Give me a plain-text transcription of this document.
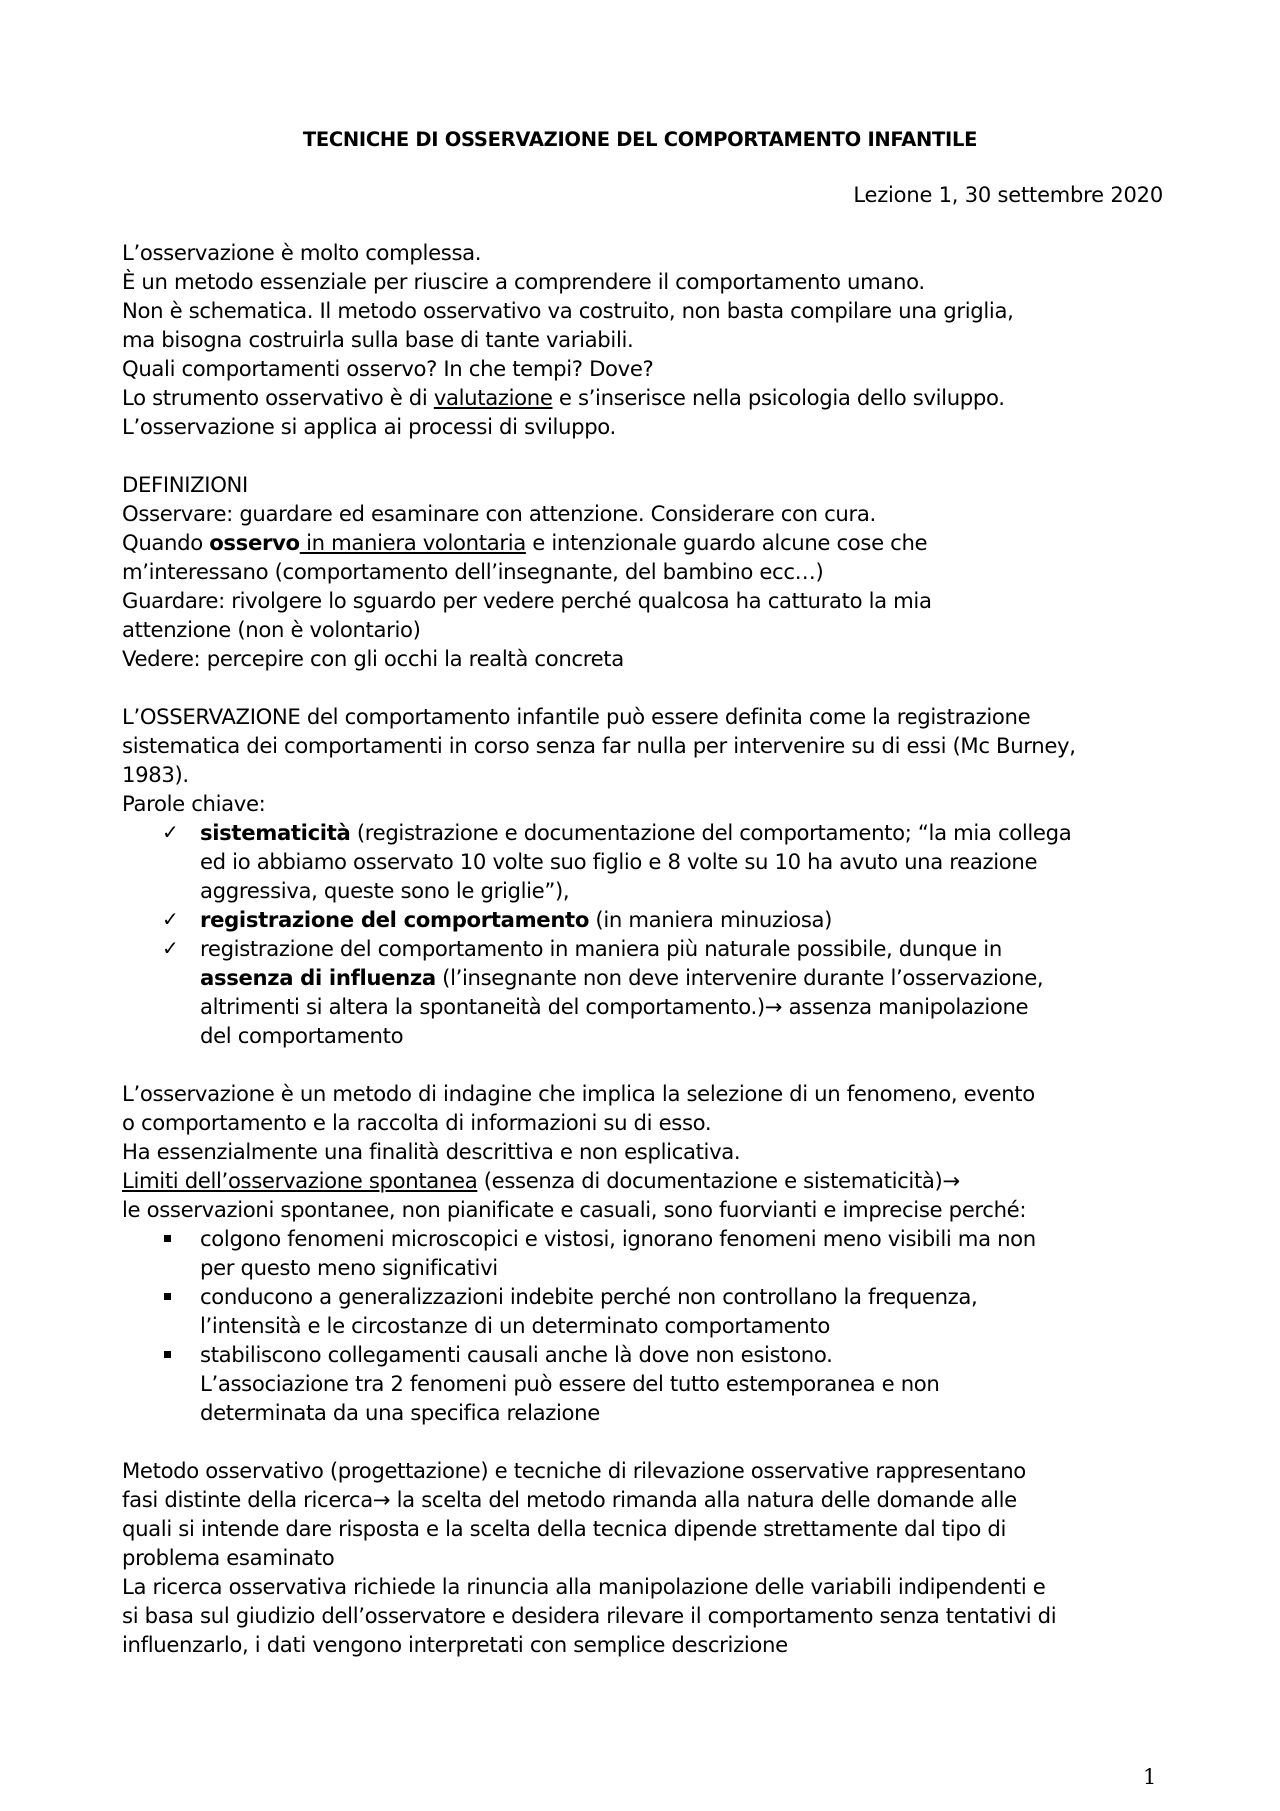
TECNICHE DI OSSERVAZIONE DEL COMPORTAMENTO INFANTILE
Lezione 1, 30 settembre 2020

L’osservazione è molto complessa.

È un metodo essenziale per riuscire a comprendere il comportamento umano.

Non è schematica. Il metodo osservativo va costruito, non basta compilare una griglia,

ma bisogna costruirla sulla base di tante variabili.

Quali comportamenti osservo? In che tempi? Dove?

Lo strumento osservativo è di valutazione e s’inserisce nella psicologia dello sviluppo.

L’osservazione si applica ai processi di sviluppo.

DEFINIZIONI

Osservare: guardare ed esaminare con attenzione. Considerare con cura.

Quando osservo in maniera volontaria e intenzionale guardo alcune cose che

m’interessano (comportamento dell’insegnante, del bambino ecc…)

Guardare: rivolgere lo sguardo per vedere perché qualcosa ha catturato la mia

attenzione (non è volontario)

Vedere: percepire con gli occhi la realtà concreta

L’OSSERVAZIONE del comportamento infantile può essere definita come la registrazione

sistematica dei comportamenti in corso senza far nulla per intervenire su di essi (Mc Burney,

1983).

Parole chiave:

✓ sistematicità (registrazione e documentazione del comportamento; “la mia collega

ed io abbiamo osservato 10 volte suo figlio e 8 volte su 10 ha avuto una reazione

aggressiva, queste sono le griglie”),

✓ registrazione del comportamento (in maniera minuziosa)

✓ registrazione del comportamento in maniera più naturale possibile, dunque in

assenza di influenza (l’insegnante non deve intervenire durante l’osservazione,

altrimenti si altera la spontaneità del comportamento.)→ assenza manipolazione

del comportamento

L’osservazione è un metodo di indagine che implica la selezione di un fenomeno, evento

o comportamento e la raccolta di informazioni su di esso.

Ha essenzialmente una finalità descrittiva e non esplicativa.

Limiti dell’osservazione spontanea (essenza di documentazione e sistematicità)→

le osservazioni spontanee, non pianificate e casuali, sono fuorvianti e imprecise perché:

colgono fenomeni microscopici e vistosi, ignorano fenomeni meno visibili ma non

per questo meno significativi

conducono a generalizzazioni indebite perché non controllano la frequenza,

l’intensità e le circostanze di un determinato comportamento

stabiliscono collegamenti causali anche là dove non esistono.

L’associazione tra 2 fenomeni può essere del tutto estemporanea e non

determinata da una specifica relazione

Metodo osservativo (progettazione) e tecniche di rilevazione osservative rappresentano

fasi distinte della ricerca→ la scelta del metodo rimanda alla natura delle domande alle

quali si intende dare risposta e la scelta della tecnica dipende strettamente dal tipo di

problema esaminato

La ricerca osservativa richiede la rinuncia alla manipolazione delle variabili indipendenti e

si basa sul giudizio dell’osservatore e desidera rilevare il comportamento senza tentativi di

influenzarlo, i dati vengono interpretati con semplice descrizione

1
